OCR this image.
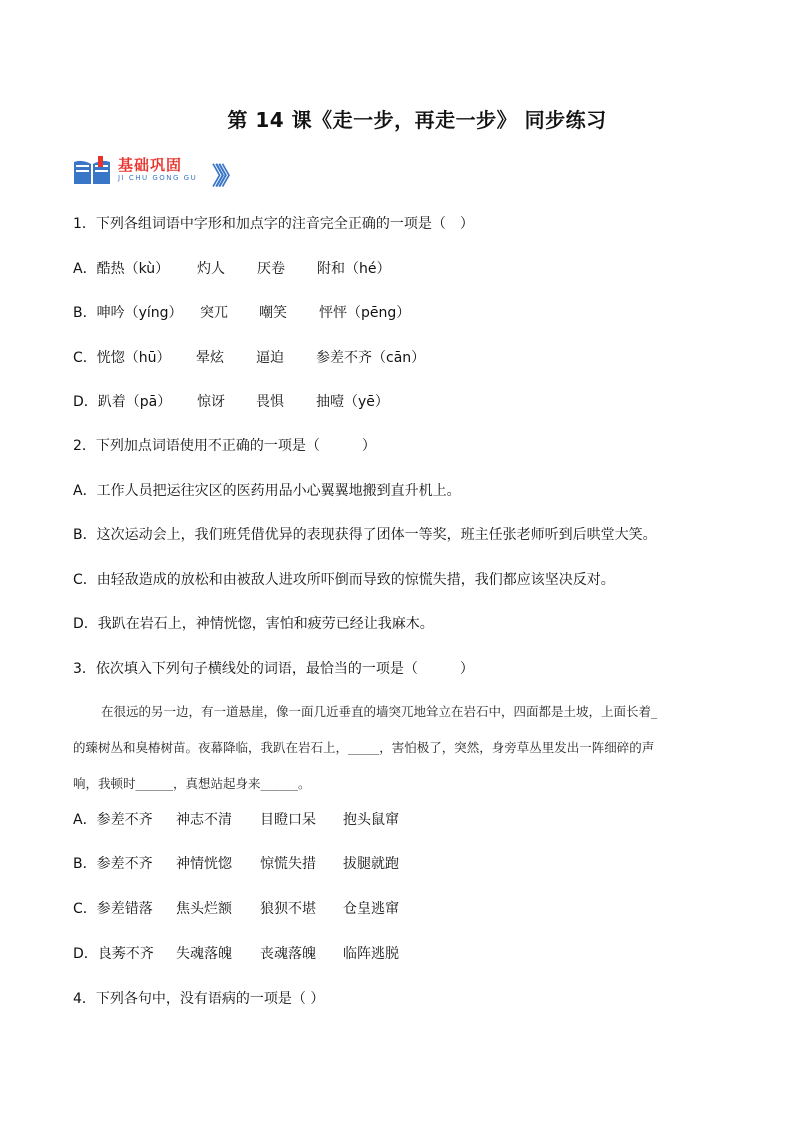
第 14 课《走一步，再走一步》 同步练习
基础巩固
JI CHU GONG GU 》》》
1．下列各组词语中字形和加点字的注音完全正确的一项是（　）
A．酷热（kù） 灼人 厌卷 附和（hé）
B．呻吟（yíng） 突兀 嘲笑 怦怦（pēng）
C．恍惚（hū） 晕炫 逼迫 参差不齐（cān）
D．趴着（pā） 惊讶 畏惧 抽噎（yē）
2．下列加点词语使用不正确的一项是（　　　）
A．工作人员把运往灾区的医药用品小心翼翼地搬到直升机上。
B．这次运动会上，我们班凭借优异的表现获得了团体一等奖，班主任张老师听到后哄堂大笑。
C．由轻敌造成的放松和由被敌人进攻所吓倒而导致的惊慌失措，我们都应该坚决反对。
D．我趴在岩石上，神情恍惚，害怕和疲劳已经让我麻木。
3．依次填入下列句子横线处的词语，最恰当的一项是（　　　）
在很远的另一边，有一道悬崖，像一面几近垂直的墙突兀地耸立在岩石中，四面都是土坡，上面长着_
的臻树丛和臭椿树苗。夜幕降临，我趴在岩石上，_____，害怕极了，突然，身旁草丛里发出一阵细碎的声
响，我顿时______，真想站起身来______。
A．参差不齐 神志不清 目瞪口呆 抱头鼠窜
B．参差不齐 神情恍惚 惊慌失措 拔腿就跑
C．参差错落 焦头烂额 狼狈不堪 仓皇逃窜
D．良莠不齐 失魂落魄 丧魂落魄 临阵逃脱
4．下列各句中，没有语病的一项是（ ）
